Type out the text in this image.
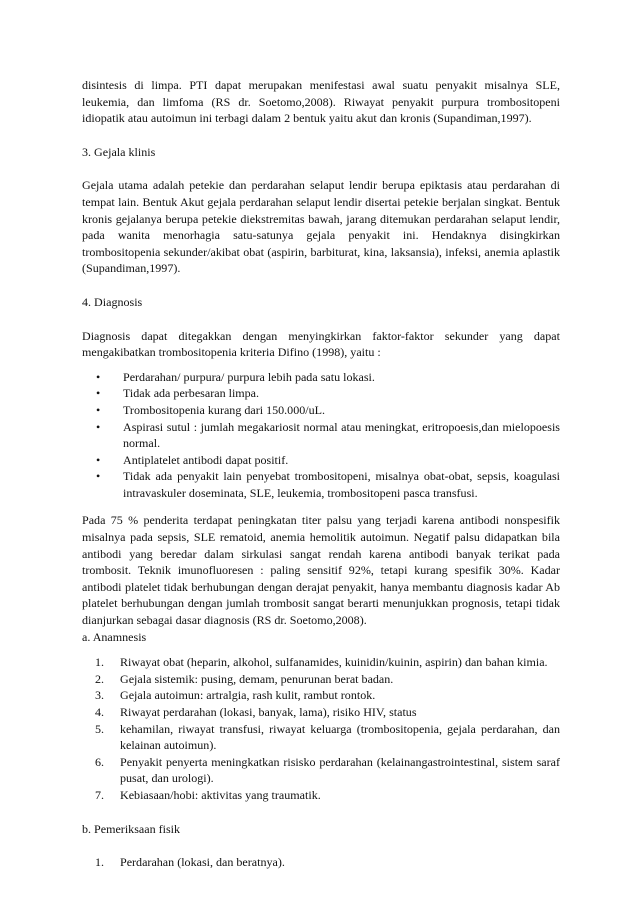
disintesis di limpa. PTI dapat merupakan menifestasi awal suatu penyakit misalnya SLE, leukemia, dan limfoma (RS dr. Soetomo,2008). Riwayat penyakit purpura trombositopeni idiopatik atau autoimun ini terbagi dalam 2 bentuk yaitu akut dan kronis (Supandiman,1997).

3. Gejala klinis

Gejala utama adalah petekie dan perdarahan selaput lendir berupa epiktasis atau perdarahan di tempat lain. Bentuk Akut gejala perdarahan selaput lendir disertai petekie berjalan singkat. Bentuk kronis gejalanya berupa petekie diekstremitas bawah, jarang ditemukan perdarahan selaput lendir, pada wanita menorhagia satu-satunya gejala penyakit ini. Hendaknya disingkirkan trombositopenia sekunder/akibat obat (aspirin, barbiturat, kina, laksansia), infeksi, anemia aplastik (Supandiman,1997).

4. Diagnosis

Diagnosis dapat ditegakkan dengan menyingkirkan faktor-faktor sekunder yang dapat mengakibatkan trombositopenia kriteria Difino (1998), yaitu :

• Perdarahan/ purpura/ purpura lebih pada satu lokasi.
• Tidak ada perbesaran limpa.
• Trombositopenia kurang dari 150.000/uL.
• Aspirasi sutul : jumlah megakariosit normal atau meningkat, eritropoesis,dan mielopoesis normal.
• Antiplatelet antibodi dapat positif.
• Tidak ada penyakit lain penyebat trombositopeni, misalnya obat-obat, sepsis, koagulasi intravaskuler doseminata, SLE, leukemia, trombositopeni pasca transfusi.

Pada 75 % penderita terdapat peningkatan titer palsu yang terjadi karena antibodi nonspesifik misalnya pada sepsis, SLE rematoid, anemia hemolitik autoimun. Negatif palsu didapatkan bila antibodi yang beredar dalam sirkulasi sangat rendah karena antibodi banyak terikat pada trombosit. Teknik imunofluoresen : paling sensitif 92%, tetapi kurang spesifik 30%. Kadar antibodi platelet tidak berhubungan dengan derajat penyakit, hanya membantu diagnosis kadar Ab platelet berhubungan dengan jumlah trombosit sangat berarti menunjukkan prognosis, tetapi tidak dianjurkan sebagai dasar diagnosis (RS dr. Soetomo,2008).

a. Anamnesis

1. Riwayat obat (heparin, alkohol, sulfanamides, kuinidin/kuinin, aspirin) dan bahan kimia.
2. Gejala sistemik: pusing, demam, penurunan berat badan.
3. Gejala autoimun: artralgia, rash kulit, rambut rontok.
4. Riwayat perdarahan (lokasi, banyak, lama), risiko HIV, status
5. kehamilan, riwayat transfusi, riwayat keluarga (trombositopenia, gejala perdarahan, dan kelainan autoimun).
6. Penyakit penyerta meningkatkan risisko perdarahan (kelainangastrointestinal, sistem saraf pusat, dan urologi).
7. Kebiasaan/hobi: aktivitas yang traumatik.

b. Pemeriksaan fisik

1. Perdarahan (lokasi, dan beratnya).
